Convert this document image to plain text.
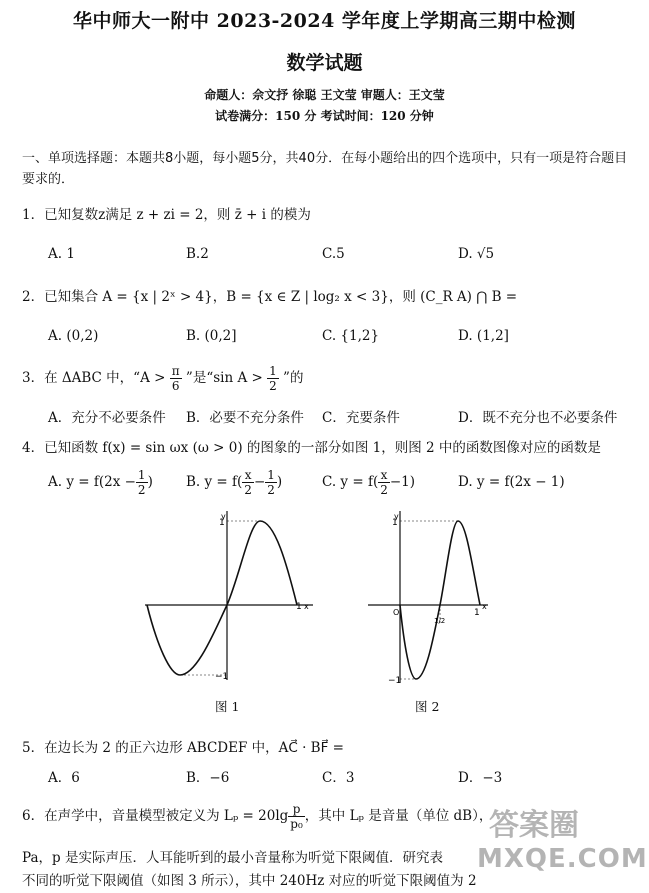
华中师大一附中 2023-2024 学年度上学期高三期中检测
数学试题
命题人：佘文抒 徐聪 王文莹 审题人：王文莹
试卷满分：150 分 考试时间：120 分钟
一、单项选择题：本题共8小题，每小题5分，共40分．在每小题给出的四个选项中，只有一项是符合题目要求的．
1．已知复数z满足 z + zi = 2，则 z̄ + i 的模为
A. 1	B.2	C.5	D. √5
2．已知集合 A = {x | 2ˣ > 4}，B = {x ∈ Z | log₂ x < 3}，则 (C_R A) ⋂ B =
A. (0,2)	B. (0,2]	C. {1,2}	D. (1,2]
3．在 ΔABC 中，“$A > \frac{\pi}{6}$ ”是“sin $A > \frac{1}{2}$ ”的
A．充分不必要条件 B．必要不充分条件 C．充要条件	D．既不充分也不必要条件
4．已知函数 f(x) = sin ωx (ω > 0) 的图象的一部分如图 1，则图 2 中的函数图像对应的函数是
A. $y = f(2x - \frac{1}{2}$ ) B. $y = f( \frac{x}{2} - \frac{1}{2}$ )	C. $y = f( \frac{x}{2} -1)$	D. y = f(2x − 1)
y
1
−1
1 x
图 1
y
1
−1
O
1/2
1
x
图 2
5．在边长为 2 的正六边形 ABCDEF 中，AC⃗ · BF⃗ =
A．6	B．−6	C．3	D．−3
6．在声学中，音量模型被定义为 $L_p = 20\lg \frac{p}{\text{p₀}}$ ，其中 Lₚ 是音量（单位 dB），
Pa，p 是实际声压．人耳能听到的最小音量称为听觉下限阈值．研究表
不同的听觉下限阈值（如图 3 所示），其中 240Hz 对应的听觉下限阈值为 2
答案圈
MXQE.COM
